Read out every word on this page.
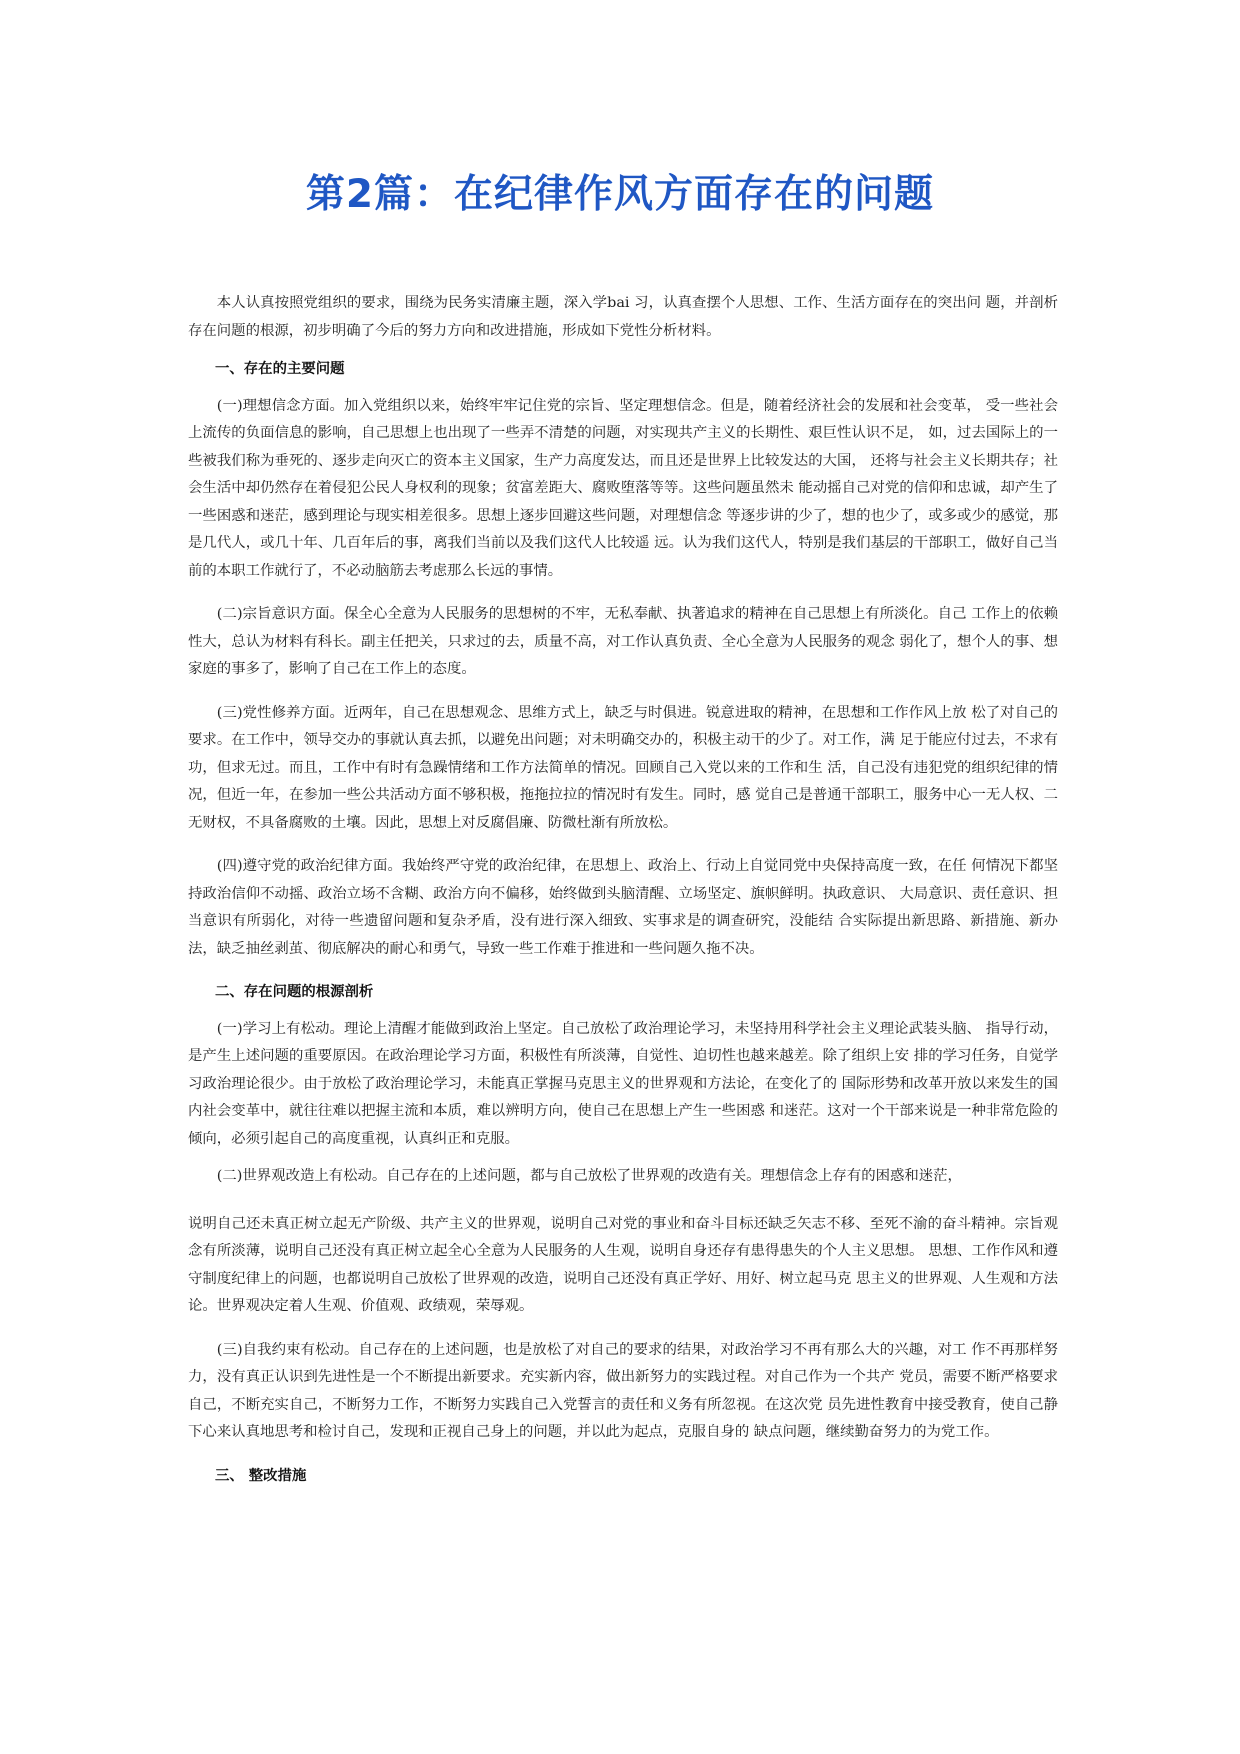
第2篇：在纪律作风方面存在的问题

本人认真按照党组织的要求，围绕为民务实清廉主题，深入学bai 习，认真查摆个人思想、工作、生活方面存在的突出问 题，并剖析存在问题的根源，初步明确了今后的努力方向和改进措施，形成如下党性分析材料。

一、存在的主要问题

(一)理想信念方面。加入党组织以来，始终牢牢记住党的宗旨、坚定理想信念。但是，随着经济社会的发展和社会变革， 受一些社会上流传的负面信息的影响，自己思想上也出现了一些弄不清楚的问题，对实现共产主义的长期性、艰巨性认识不足， 如，过去国际上的一些被我们称为垂死的、逐步走向灭亡的资本主义国家，生产力高度发达，而且还是世界上比较发达的大国， 还将与社会主义长期共存；社会生活中却仍然存在着侵犯公民人身权利的现象；贫富差距大、腐败堕落等等。这些问题虽然未 能动摇自己对党的信仰和忠诚，却产生了一些困惑和迷茫，感到理论与现实相差很多。思想上逐步回避这些问题，对理想信念 等逐步讲的少了，想的也少了，或多或少的感觉，那是几代人，或几十年、几百年后的事，离我们当前以及我们这代人比较遥 远。认为我们这代人，特别是我们基层的干部职工，做好自己当前的本职工作就行了，不必动脑筋去考虑那么长远的事情。

(二)宗旨意识方面。保全心全意为人民服务的思想树的不牢，无私奉献、执著追求的精神在自己思想上有所淡化。自己 工作上的依赖性大，总认为材料有科长。副主任把关，只求过的去，质量不高，对工作认真负责、全心全意为人民服务的观念 弱化了，想个人的事、想家庭的事多了，影响了自己在工作上的态度。

(三)党性修养方面。近两年，自己在思想观念、思维方式上，缺乏与时俱进。锐意进取的精神，在思想和工作作风上放 松了对自己的要求。在工作中，领导交办的事就认真去抓，以避免出问题；对未明确交办的，积极主动干的少了。对工作，满 足于能应付过去，不求有功，但求无过。而且，工作中有时有急躁情绪和工作方法简单的情况。回顾自己入党以来的工作和生 活，自己没有违犯党的组织纪律的情况，但近一年，在参加一些公共活动方面不够积极，拖拖拉拉的情况时有发生。同时，感 觉自己是普通干部职工，服务中心一无人权、二无财权，不具备腐败的土壤。因此，思想上对反腐倡廉、防微杜渐有所放松。

(四)遵守党的政治纪律方面。我始终严守党的政治纪律，在思想上、政治上、行动上自觉同党中央保持高度一致，在任 何情况下都坚持政治信仰不动摇、政治立场不含糊、政治方向不偏移，始终做到头脑清醒、立场坚定、旗帜鲜明。执政意识、 大局意识、责任意识、担当意识有所弱化，对待一些遗留问题和复杂矛盾，没有进行深入细致、实事求是的调查研究，没能结 合实际提出新思路、新措施、新办法，缺乏抽丝剥茧、彻底解决的耐心和勇气，导致一些工作难于推进和一些问题久拖不决。

二、存在问题的根源剖析

(一)学习上有松动。理论上清醒才能做到政治上坚定。自己放松了政治理论学习，未坚持用科学社会主义理论武装头脑、 指导行动，是产生上述问题的重要原因。在政治理论学习方面，积极性有所淡薄，自觉性、迫切性也越来越差。除了组织上安 排的学习任务，自觉学习政治理论很少。由于放松了政治理论学习，未能真正掌握马克思主义的世界观和方法论，在变化了的 国际形势和改革开放以来发生的国内社会变革中，就往往难以把握主流和本质，难以辨明方向，使自己在思想上产生一些困惑 和迷茫。这对一个干部来说是一种非常危险的倾向，必须引起自己的高度重视，认真纠正和克服。

(二)世界观改造上有松动。自己存在的上述问题，都与自己放松了世界观的改造有关。理想信念上存有的困惑和迷茫，

说明自己还未真正树立起无产阶级、共产主义的世界观，说明自己对党的事业和奋斗目标还缺乏矢志不移、至死不渝的奋斗精神。宗旨观念有所淡薄，说明自己还没有真正树立起全心全意为人民服务的人生观，说明自身还存有患得患失的个人主义思想。 思想、工作作风和遵守制度纪律上的问题，也都说明自己放松了世界观的改造，说明自己还没有真正学好、用好、树立起马克 思主义的世界观、人生观和方法论。世界观决定着人生观、价值观、政绩观，荣辱观。

(三)自我约束有松动。自己存在的上述问题，也是放松了对自己的要求的结果，对政治学习不再有那么大的兴趣，对工 作不再那样努力，没有真正认识到先进性是一个不断提出新要求。充实新内容，做出新努力的实践过程。对自己作为一个共产 党员，需要不断严格要求自己，不断充实自己，不断努力工作，不断努力实践自己入党誓言的责任和义务有所忽视。在这次党 员先进性教育中接受教育，使自己静下心来认真地思考和检讨自己，发现和正视自己身上的问题，并以此为起点，克服自身的 缺点问题，继续勤奋努力的为党工作。

三、 整改措施
